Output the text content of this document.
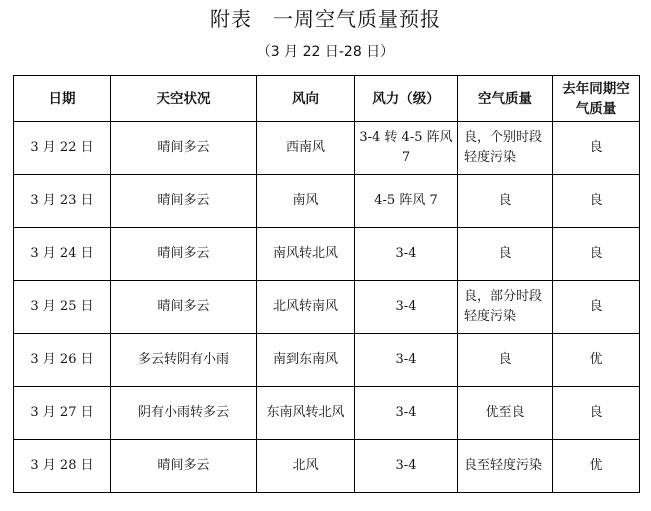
附表　一周空气质量预报
（3 月 22 日-28 日）
日期	天空状况	风向	风力（级）	空气质量	去年同期空气质量
3 月 22 日	晴间多云	西南风	3-4 转 4-5 阵风 7	良，个别时段轻度污染	良
3 月 23 日	晴间多云	南风	4-5 阵风 7	良	良
3 月 24 日	晴间多云	南风转北风	3-4	良	良
3 月 25 日	晴间多云	北风转南风	3-4	良，部分时段轻度污染	良
3 月 26 日	多云转阴有小雨	南到东南风	3-4	良	优
3 月 27 日	阴有小雨转多云	东南风转北风	3-4	优至良	良
3 月 28 日	晴间多云	北风	3-4	良至轻度污染	优
